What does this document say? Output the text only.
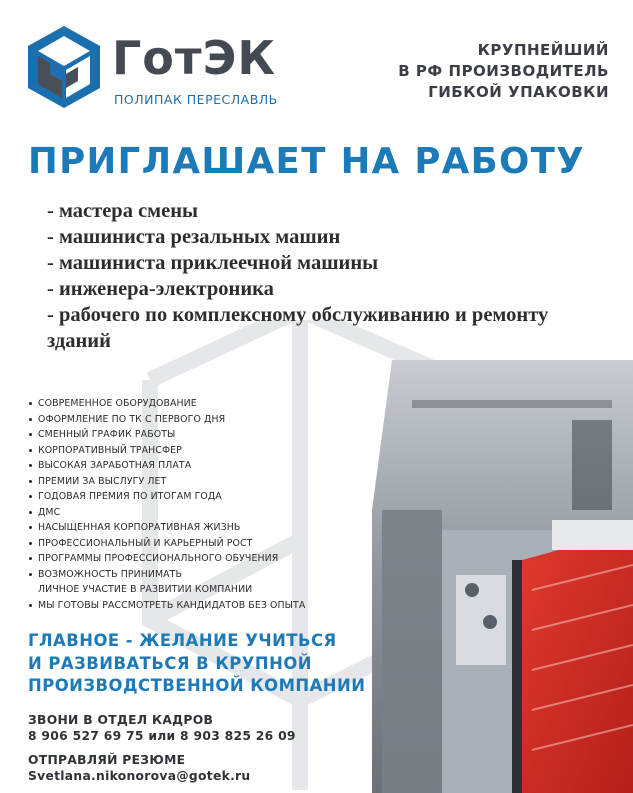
ГотЭК
ПОЛИПАК ПЕРЕСЛАВЛЬ
КРУПНЕЙШИЙ
В РФ ПРОИЗВОДИТЕЛЬ
ГИБКОЙ УПАКОВКИ
ПРИГЛАШАЕТ НА РАБОТУ
- мастера смены
- машиниста резальных машин
- машиниста приклеечной машины
- инженера-электроника
- рабочего по комплексному обслуживанию и ремонту зданий
СОВРЕМЕННОЕ ОБОРУДОВАНИЕ
ОФОРМЛЕНИЕ ПО ТК С ПЕРВОГО ДНЯ
СМЕННЫЙ ГРАФИК РАБОТЫ
КОРПОРАТИВНЫЙ ТРАНСФЕР
ВЫСОКАЯ ЗАРАБОТНАЯ ПЛАТА
ПРЕМИИ ЗА ВЫСЛУГУ ЛЕТ
ГОДОВАЯ ПРЕМИЯ ПО ИТОГАМ ГОДА
ДМС
НАСЫЩЕННАЯ КОРПОРАТИВНАЯ ЖИЗНЬ
ПРОФЕССИОНАЛЬНЫЙ И КАРЬЕРНЫЙ РОСТ
ПРОГРАММЫ ПРОФЕССИОНАЛЬНОГО ОБУЧЕНИЯ
ВОЗМОЖНОСТЬ ПРИНИМАТЬ
ЛИЧНОЕ УЧАСТИЕ В РАЗВИТИИ КОМПАНИИ
МЫ ГОТОВЫ РАССМОТРЕТЬ КАНДИДАТОВ БЕЗ ОПЫТА
ГЛАВНОЕ - ЖЕЛАНИЕ УЧИТЬСЯ
И РАЗВИВАТЬСЯ В КРУПНОЙ
ПРОИЗВОДСТВЕННОЙ КОМПАНИИ
ЗВОНИ В ОТДЕЛ КАДРОВ
8 906 527 69 75 или 8 903 825 26 09
ОТПРАВЛЯЙ РЕЗЮМЕ
Svetlana.nikonorova@gotek.ru
